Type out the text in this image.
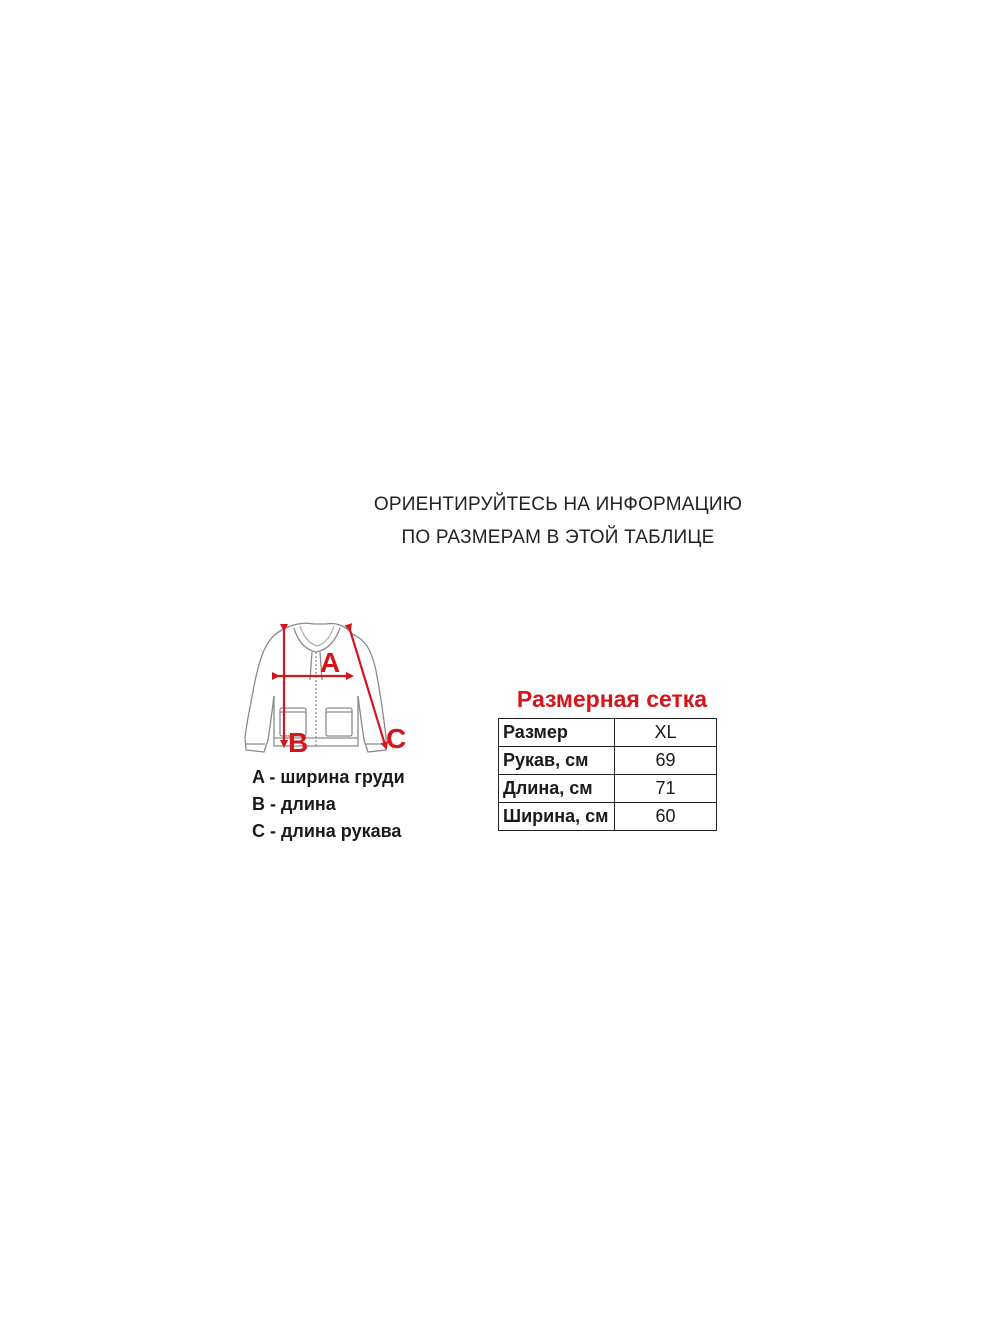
ОРИЕНТИРУЙТЕСЬ НА ИНФОРМАЦИЮ
ПО РАЗМЕРАМ В ЭТОЙ ТАБЛИЦЕ
A
B	C
A - ширина груди
B - длина
C - длина рукава
Размерная сетка
Размер	XL
Рукав, см	69
Длина, см	71
Ширина, см	60
